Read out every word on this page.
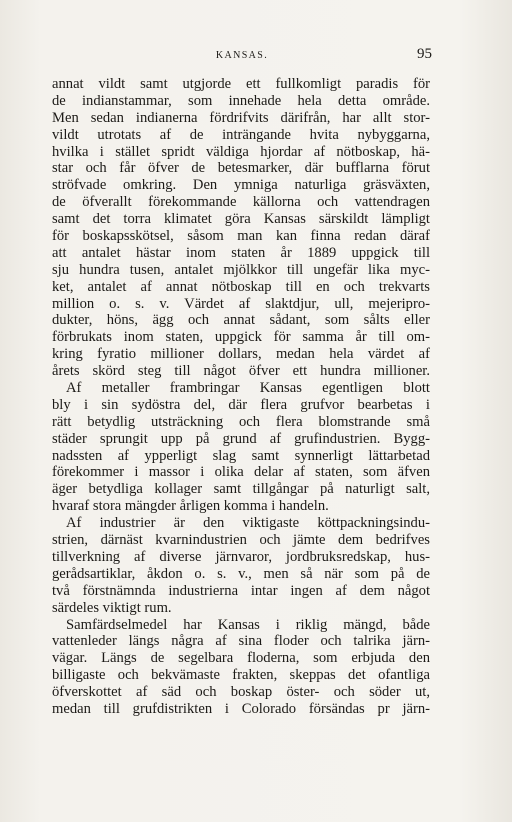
KANSAS.	95
annat vildt samt utgjorde ett fullkomligt paradis för
de indianstammar, som innehade hela detta område.
Men sedan indianerna fördrifvits därifrån, har allt stor-
vildt utrotats af de inträngande hvita nybyggarna,
hvilka i stället spridt väldiga hjordar af nötboskap, hä-
star och får öfver de betesmarker, där bufflarna förut
ströfvade omkring. Den ymniga naturliga gräsväxten,
de öfverallt förekommande källorna och vattendragen
samt det torra klimatet göra Kansas särskildt lämpligt
för boskapsskötsel, såsom man kan finna redan däraf
att antalet hästar inom staten år 1889 uppgick till
sju hundra tusen, antalet mjölkkor till ungefär lika myc-
ket, antalet af annat nötboskap till en och trekvarts
million o. s. v. Värdet af slaktdjur, ull, mejeripro-
dukter, höns, ägg och annat sådant, som sålts eller
förbrukats inom staten, uppgick för samma år till om-
kring fyratio millioner dollars, medan hela värdet af
årets skörd steg till något öfver ett hundra millioner.
Af metaller frambringar Kansas egentligen blott
bly i sin sydöstra del, där flera grufvor bearbetas i
rätt betydlig utsträckning och flera blomstrande små
städer sprungit upp på grund af grufindustrien. Bygg-
nadssten af ypperligt slag samt synnerligt lättarbetad
förekommer i massor i olika delar af staten, som äfven
äger betydliga kollager samt tillgångar på naturligt salt,
hvaraf stora mängder årligen komma i handeln.
Af industrier är den viktigaste köttpackningsindu-
strien, därnäst kvarnindustrien och jämte dem bedrifves
tillverkning af diverse järnvaror, jordbruksredskap, hus-
gerådsartiklar, åkdon o. s. v., men så när som på de
två förstnämnda industrierna intar ingen af dem något
särdeles viktigt rum.
Samfärdselmedel har Kansas i riklig mängd, både
vattenleder längs några af sina floder och talrika järn-
vägar. Längs de segelbara floderna, som erbjuda den
billigaste och bekvämaste frakten, skeppas det ofantliga
öfverskottet af säd och boskap öster- och söder ut,
medan till grufdistrikten i Colorado försändas pr järn-
